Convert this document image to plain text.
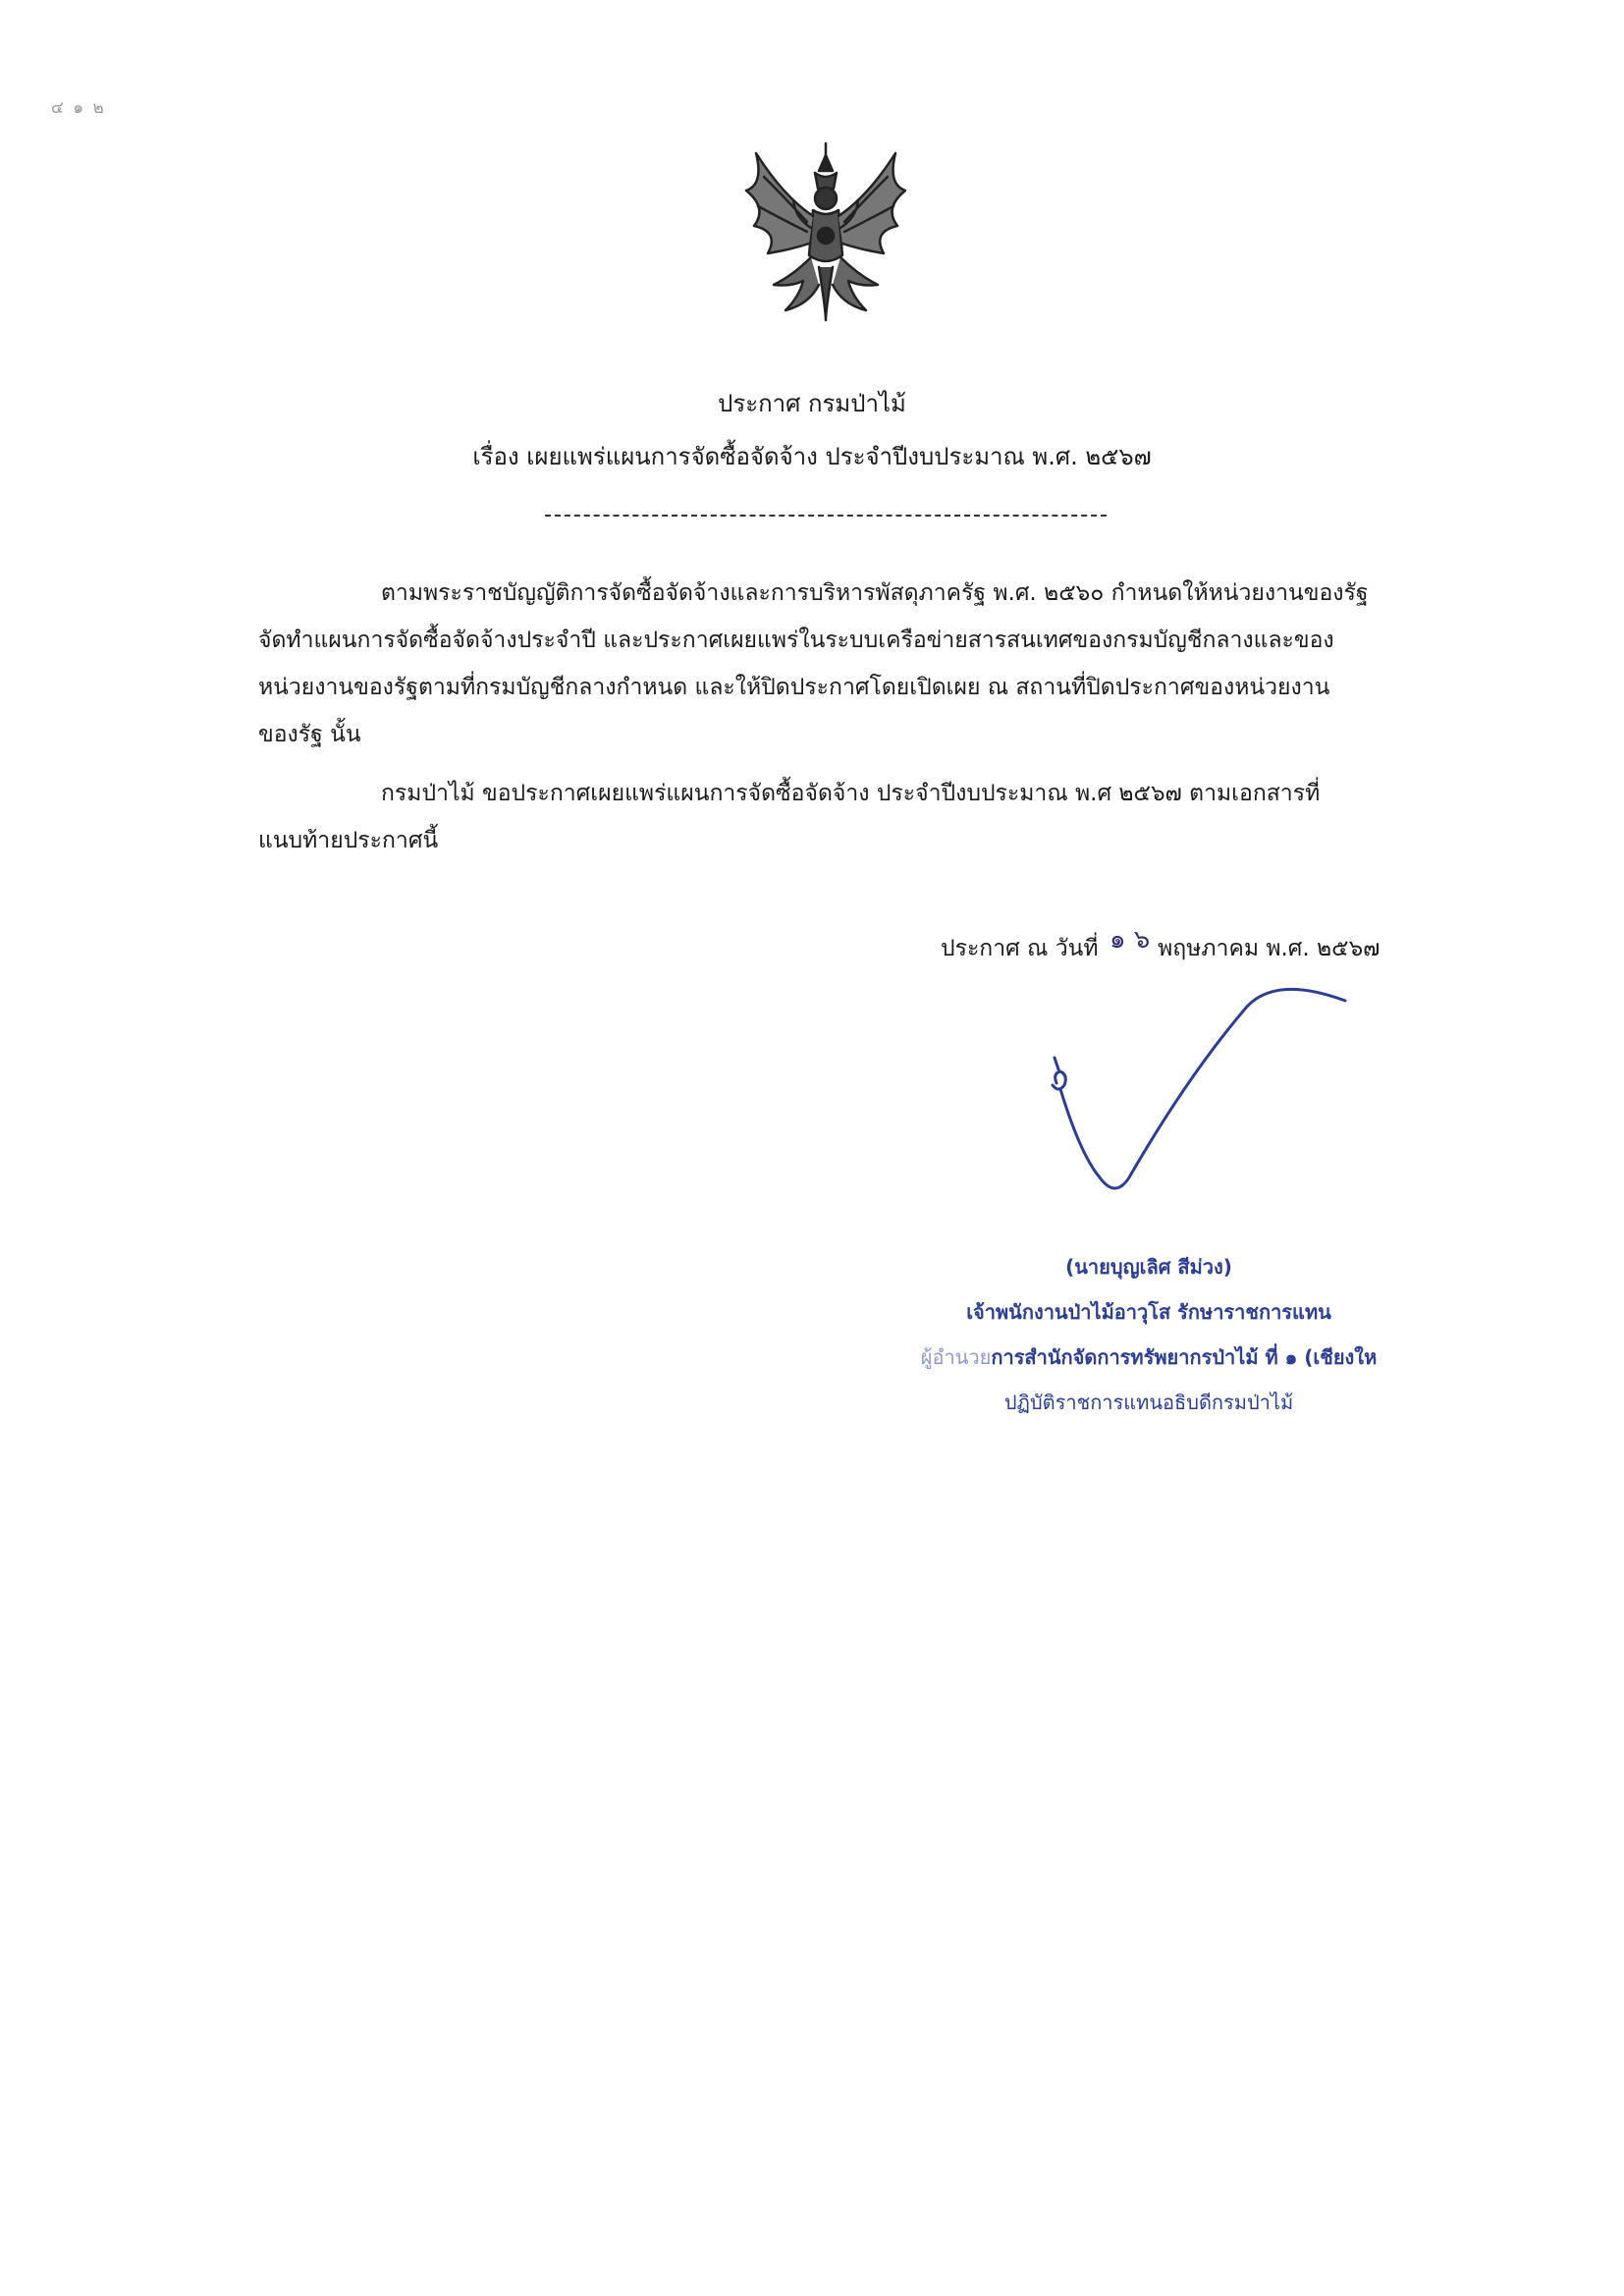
๔ ๑ ๒
ประกาศ กรมป่าไม้
เรื่อง เผยแพร่แผนการจัดซื้อจัดจ้าง ประจำปีงบประมาณ พ.ศ. ๒๕๖๗
ตามพระราชบัญญัติการจัดซื้อจัดจ้างและการบริหารพัสดุภาครัฐ พ.ศ. ๒๕๖๐ กำหนดให้หน่วยงานของรัฐ
จัดทำแผนการจัดซื้อจัดจ้างประจำปี และประกาศเผยแพร่ในระบบเครือข่ายสารสนเทศของกรมบัญชีกลางและของ
หน่วยงานของรัฐตามที่กรมบัญชีกลางกำหนด และให้ปิดประกาศโดยเปิดเผย ณ สถานที่ปิดประกาศของหน่วยงาน
ของรัฐ นั้น
กรมป่าไม้ ขอประกาศเผยแพร่แผนการจัดซื้อจัดจ้าง ประจำปีงบประมาณ พ.ศ ๒๕๖๗ ตามเอกสารที่
แนบท้ายประกาศนี้
ประกาศ ณ วันที่	พฤษภาคม พ.ศ. ๒๕๖๗
๑ ๖
(นายบุญเลิศ สีม่วง)
เจ้าพนักงานป่าไม้อาวุโส รักษาราชการแทน
ผู้อำนวยการสำนักจัดการทรัพยากรป่าไม้ ที่ ๑ (เชียงให
ปฏิบัติราชการแทนอธิบดีกรมป่าไม้
